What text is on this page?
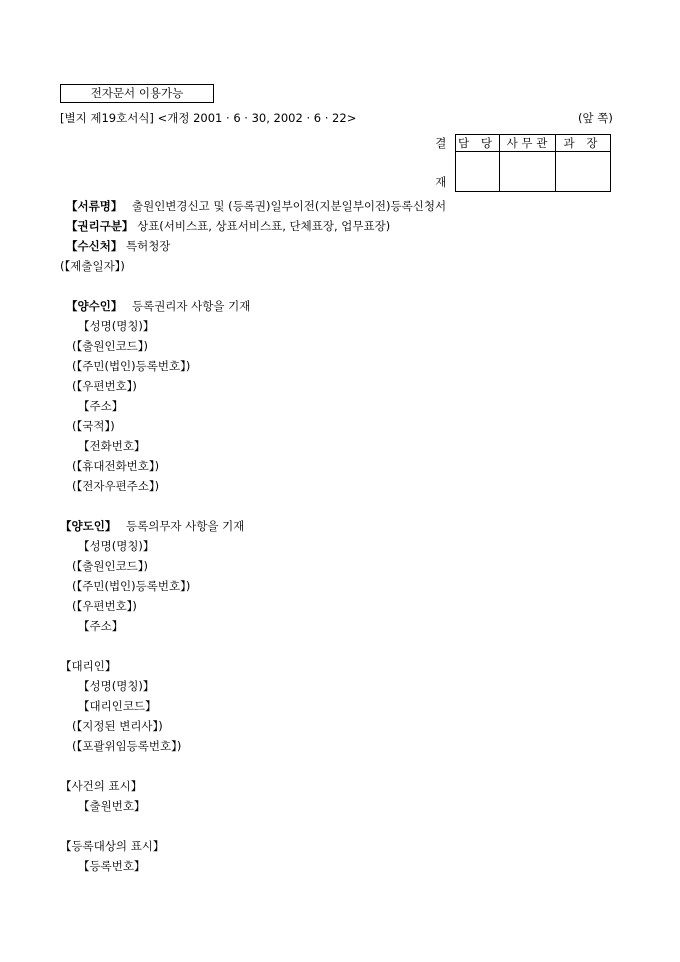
전자문서 이용가능
[별지 제19호서식] <개정 2001 · 6 · 30, 2002 · 6 · 22>	(앞 쪽)
결	담 당	사 무 관	과 장
재			
【서류명】 출원인변경신고 및 (등록권)일부이전(지분일부이전)등록신청서
【권리구분】 상표(서비스표, 상표서비스표, 단체표장, 업무표장)
【수신처】 특허청장
(【제출일자】)
【양수인】 등록권리자 사항을 기재
【성명(명칭)】
(【출원인코드】)
(【주민(법인)등록번호】)
(【우편번호】)
【주소】
(【국적】)
【전화번호】
(【휴대전화번호】)
(【전자우편주소】)
【양도인】 등록의무자 사항을 기재
【성명(명칭)】
(【출원인코드】)
(【주민(법인)등록번호】)
(【우편번호】)
【주소】
【대리인】
【성명(명칭)】
【대리인코드】
(【지정된 변리사】)
(【포괄위임등록번호】)
【사건의 표시】
【출원번호】
【등록대상의 표시】
【등록번호】
